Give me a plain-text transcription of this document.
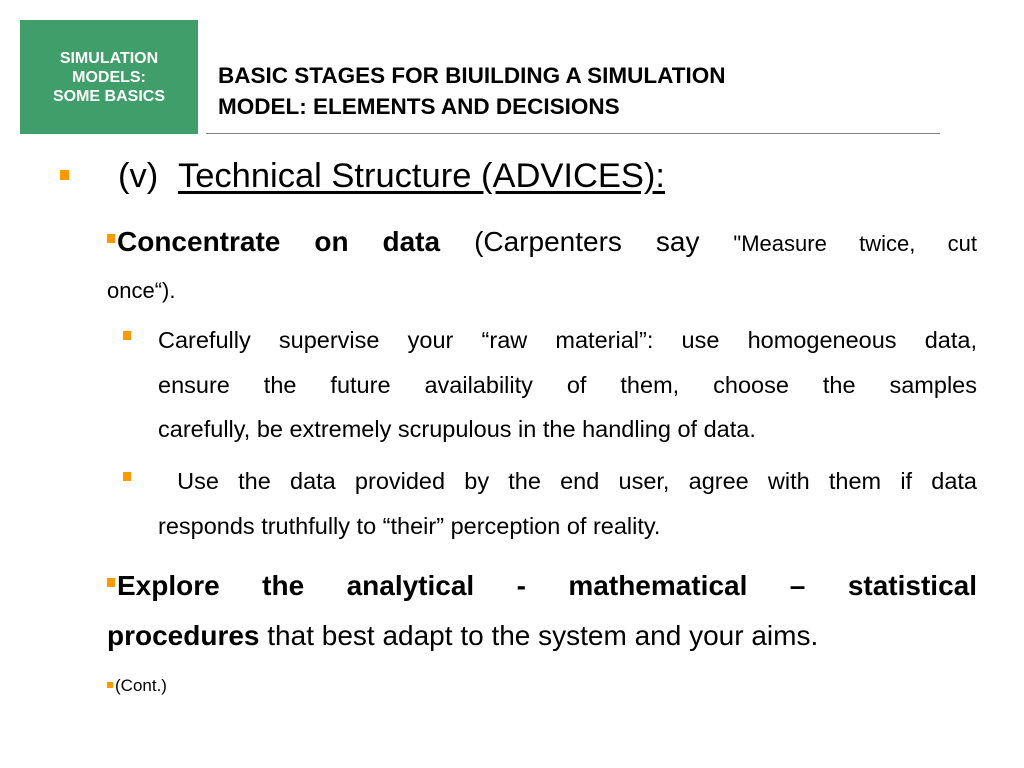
SIMULATION
MODELS:
SOME BASICS
BASIC STAGES FOR BIUILDING A SIMULATION
MODEL: ELEMENTS AND DECISIONS
(v) Technical Structure (ADVICES):
Concentrate on data (Carpenters say "Measure twice, cut
once“).
Carefully supervise your “raw material”: use homogeneous data,
ensure the future availability of them, choose the samples
carefully, be extremely scrupulous in the handling of data.
Use the data provided by the end user, agree with them if data
responds truthfully to “their” perception of reality.
Explore the analytical - mathematical – statistical
procedures that best adapt to the system and your aims.
(Cont.)
